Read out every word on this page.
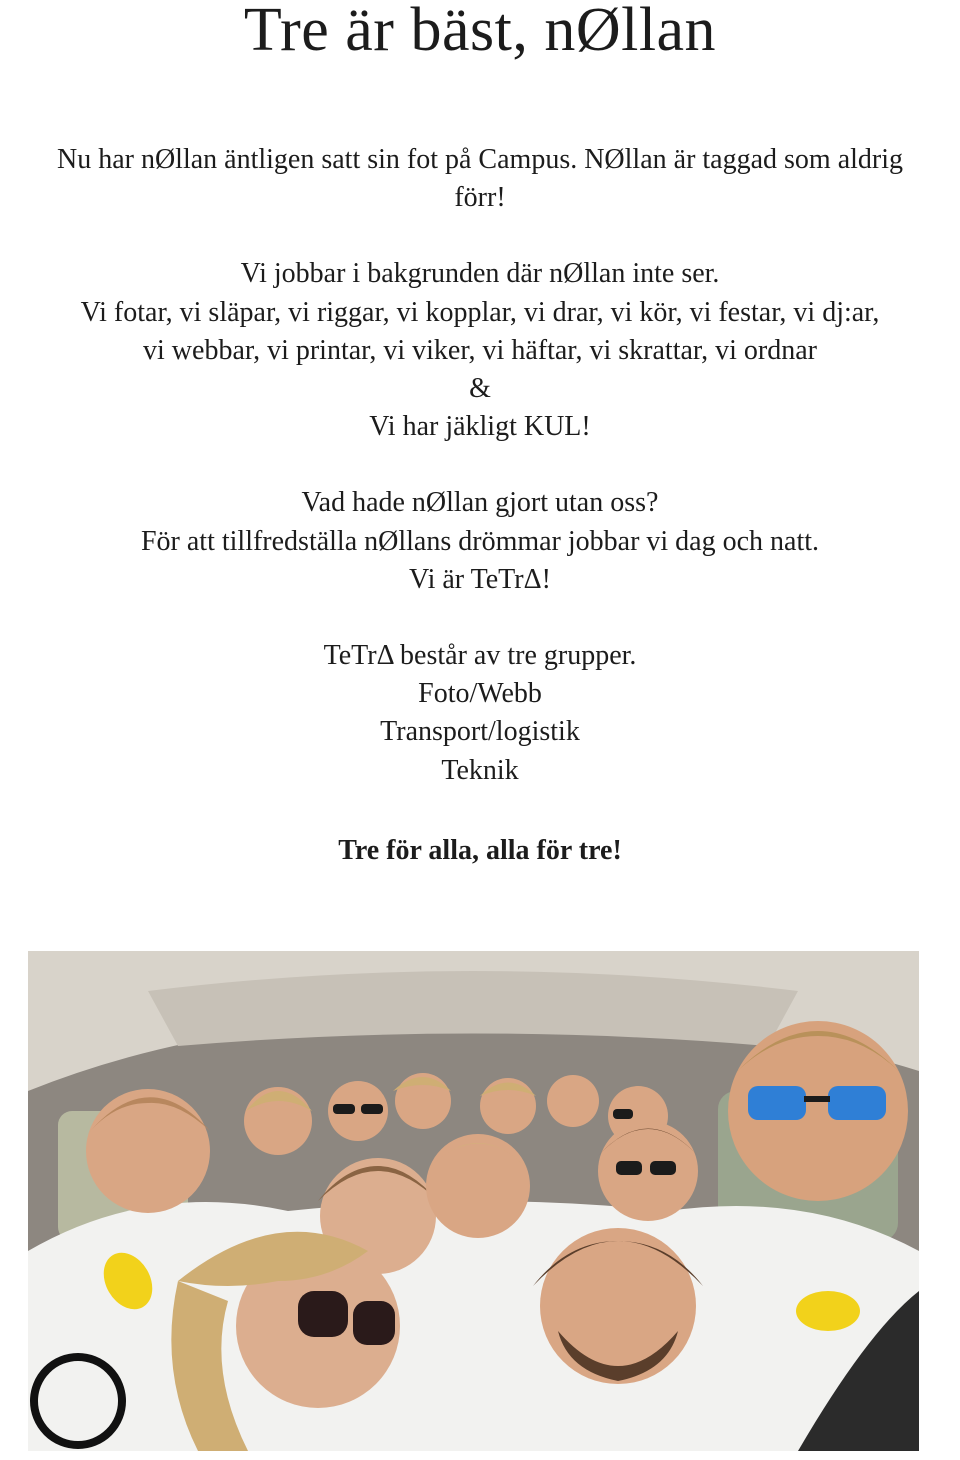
Tre är bäst, nØllan

Nu har nØllan äntligen satt sin fot på Campus. NØllan är taggad som aldrig

förr!

Vi jobbar i bakgrunden där nØllan inte ser.

Vi fotar, vi släpar, vi riggar, vi kopplar, vi drar, vi kör, vi festar, vi dj:ar,

vi webbar, vi printar, vi viker, vi häftar, vi skrattar, vi ordnar

&

Vi har jäkligt KUL!

Vad hade nØllan gjort utan oss?

För att tillfredställa nØllans drömmar jobbar vi dag och natt.

Vi är TeTrΔ!

TeTrΔ består av tre grupper.

Foto/Webb

Transport/logistik

Teknik

Tre för alla, alla för tre!
